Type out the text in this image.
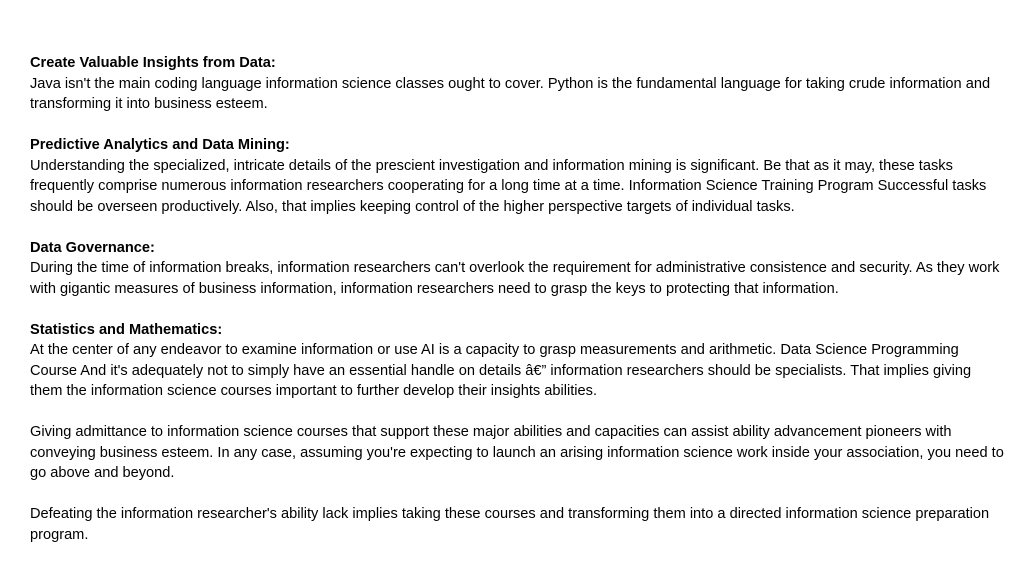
Create Valuable Insights from Data:
Java isn't the main coding language information science classes ought to cover. Python is the fundamental language for taking crude information and transforming it into business esteem.
Predictive Analytics and Data Mining:
Understanding the specialized, intricate details of the prescient investigation and information mining is significant. Be that as it may, these tasks frequently comprise numerous information researchers cooperating for a long time at a time. Information Science Training Program Successful tasks should be overseen productively. Also, that implies keeping control of the higher perspective targets of individual tasks.
Data Governance:
During the time of information breaks, information researchers can't overlook the requirement for administrative consistence and security. As they work with gigantic measures of business information, information researchers need to grasp the keys to protecting that information.
Statistics and Mathematics:
At the center of any endeavor to examine information or use AI is a capacity to grasp measurements and arithmetic. Data Science Programming Course And it's adequately not to simply have an essential handle on details â€” information researchers should be specialists. That implies giving them the information science courses important to further develop their insights abilities.
Giving admittance to information science courses that support these major abilities and capacities can assist ability advancement pioneers with conveying business esteem. In any case, assuming you're expecting to launch an arising information science work inside your association, you need to go above and beyond.
Defeating the information researcher's ability lack implies taking these courses and transforming them into a directed information science preparation program.
